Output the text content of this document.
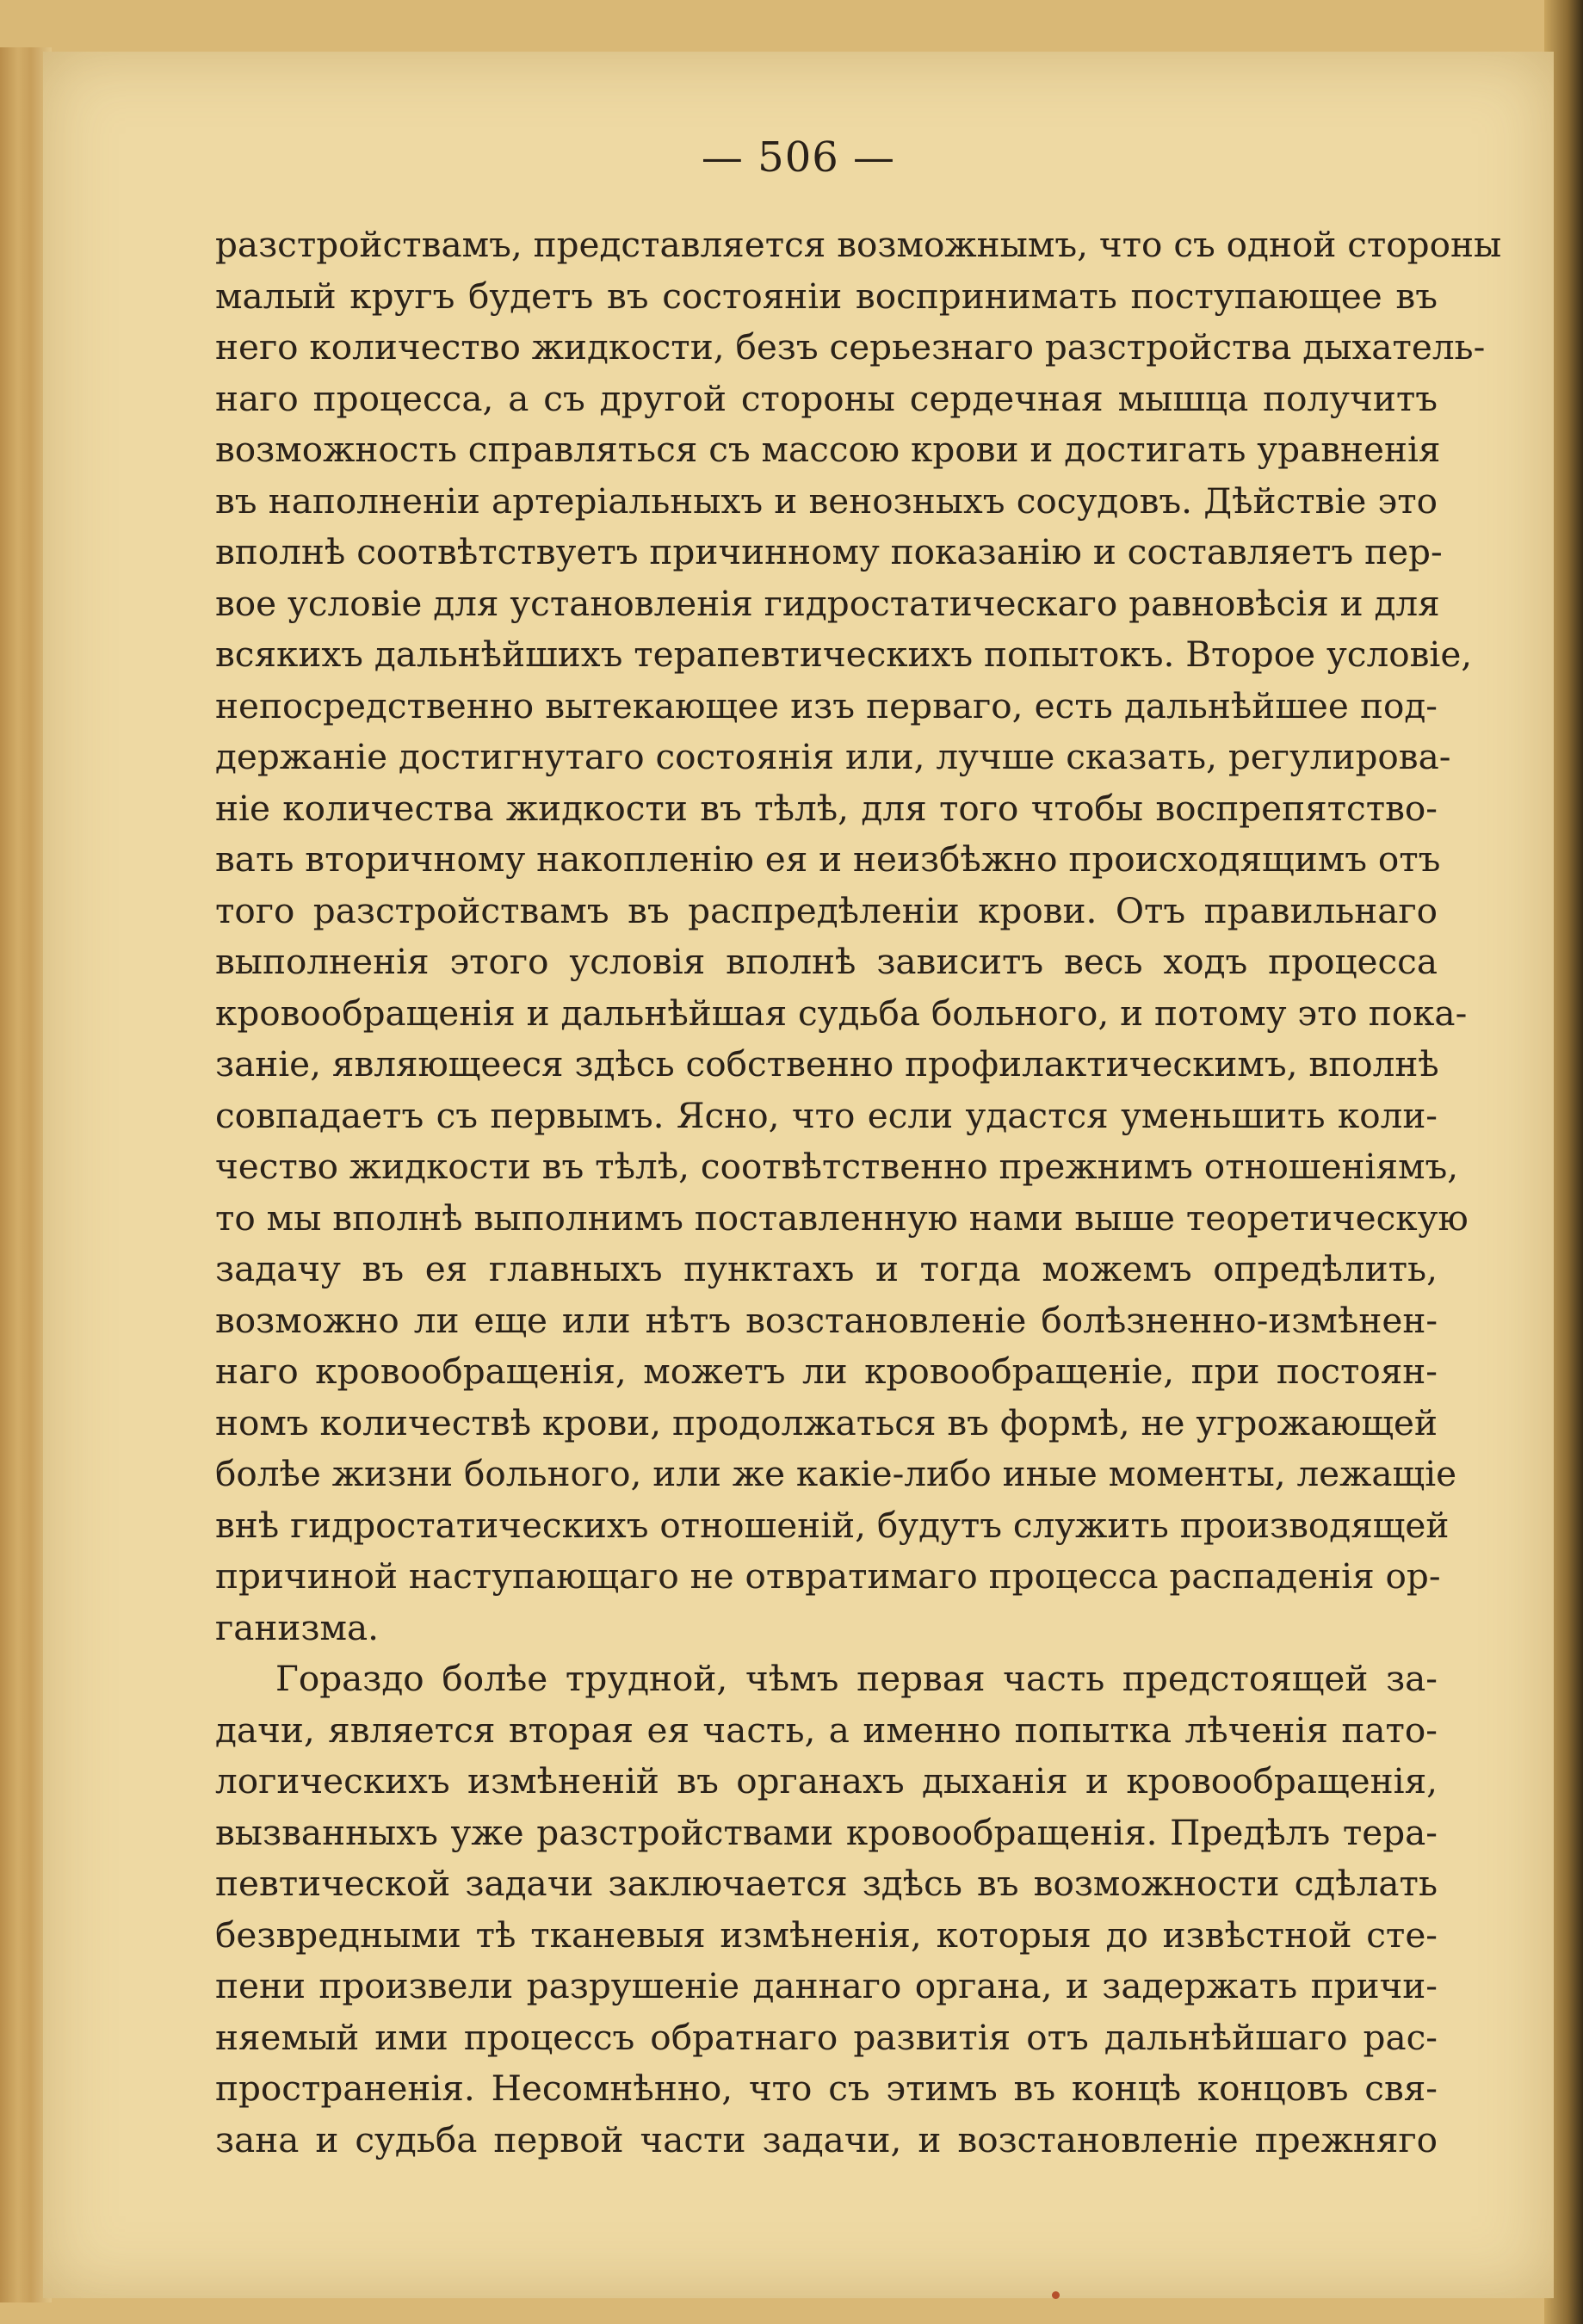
— 506 —
разстройствамъ, представляется возможнымъ, что съ одной стороны
малый кругъ будетъ въ состояніи воспринимать поступающее въ
него количество жидкости, безъ серьезнаго разстройства дыхатель-
наго процесса, а съ другой стороны сердечная мышца получитъ
возможность справляться съ массою крови и достигать уравненія
въ наполненіи артеріальныхъ и венозныхъ сосудовъ. Дѣйствіе это
вполнѣ соотвѣтствуетъ причинному показанію и составляетъ пер-
вое условіе для установленія гидростатическаго равновѣсія и для
всякихъ дальнѣйшихъ терапевтическихъ попытокъ. Второе условіе,
непосредственно вытекающее изъ перваго, есть дальнѣйшее под-
держаніе достигнутаго состоянія или, лучше сказать, регулирова-
ніе количества жидкости въ тѣлѣ, для того чтобы воспрепятство-
вать вторичному накопленію ея и неизбѣжно происходящимъ отъ
того разстройствамъ въ распредѣленіи крови. Отъ правильнаго
выполненія этого условія вполнѣ зависитъ весь ходъ процесса
кровообращенія и дальнѣйшая судьба больного, и потому это пока-
заніе, являющееся здѣсь собственно профилактическимъ, вполнѣ
совпадаетъ съ первымъ. Ясно, что если удастся уменьшить коли-
чество жидкости въ тѣлѣ, соотвѣтственно прежнимъ отношеніямъ,
то мы вполнѣ выполнимъ поставленную нами выше теоретическую
задачу въ ея главныхъ пунктахъ и тогда можемъ опредѣлить,
возможно ли еще или нѣтъ возстановленіе болѣзненно-измѣнен-
наго кровообращенія, можетъ ли кровообращеніе, при постоян-
номъ количествѣ крови, продолжаться въ формѣ, не угрожающей
болѣе жизни больного, или же какіе-либо иные моменты, лежащіе
внѣ гидростатическихъ отношеній, будутъ служить производящей
причиной наступающаго не отвратимаго процесса распаденія ор-
ганизма.
Гораздо болѣе трудной, чѣмъ первая часть предстоящей за-
дачи, является вторая ея часть, а именно попытка лѣченія пато-
логическихъ измѣненій въ органахъ дыханія и кровообращенія,
вызванныхъ уже разстройствами кровообращенія. Предѣлъ тера-
певтической задачи заключается здѣсь въ возможности сдѣлать
безвредными тѣ тканевыя измѣненія, которыя до извѣстной сте-
пени произвели разрушеніе даннаго органа, и задержать причи-
няемый ими процессъ обратнаго развитія отъ дальнѣйшаго рас-
пространенія. Несомнѣнно, что съ этимъ въ концѣ концовъ свя-
зана и судьба первой части задачи, и возстановленіе прежняго
